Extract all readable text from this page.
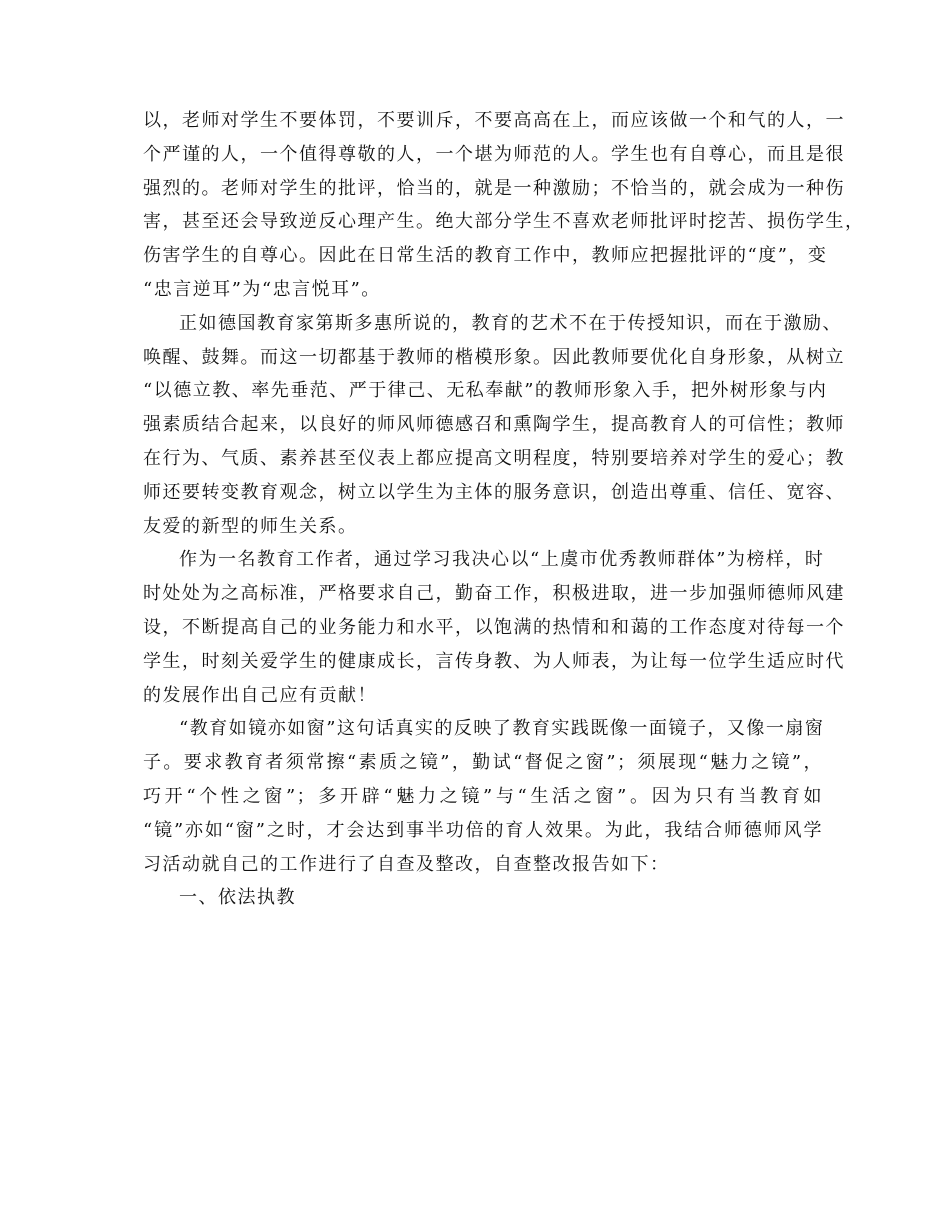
以，老师对学生不要体罚，不要训斥，不要高高在上，而应该做一个和气的人，一
个严谨的人，一个值得尊敬的人，一个堪为师范的人。学生也有自尊心，而且是很
强烈的。老师对学生的批评，恰当的，就是一种激励；不恰当的，就会成为一种伤
害，甚至还会导致逆反心理产生。绝大部分学生不喜欢老师批评时挖苦、损伤学生，
伤害学生的自尊心。因此在日常生活的教育工作中，教师应把握批评的“度”，变
“忠言逆耳”为“忠言悦耳”。
正如德国教育家第斯多惠所说的，教育的艺术不在于传授知识，而在于激励、
唤醒、鼓舞。而这一切都基于教师的楷模形象。因此教师要优化自身形象，从树立
“以德立教、率先垂范、严于律己、无私奉献”的教师形象入手，把外树形象与内
强素质结合起来，以良好的师风师德感召和熏陶学生，提高教育人的可信性；教师
在行为、气质、素养甚至仪表上都应提高文明程度，特别要培养对学生的爱心；教
师还要转变教育观念，树立以学生为主体的服务意识，创造出尊重、信任、宽容、
友爱的新型的师生关系。
作为一名教育工作者，通过学习我决心以“上虞市优秀教师群体”为榜样，时
时处处为之高标准，严格要求自己，勤奋工作，积极进取，进一步加强师德师风建
设，不断提高自己的业务能力和水平，以饱满的热情和和蔼的工作态度对待每一个
学生，时刻关爱学生的健康成长，言传身教、为人师表，为让每一位学生适应时代
的发展作出自己应有贡献！
“教育如镜亦如窗”这句话真实的反映了教育实践既像一面镜子，又像一扇窗
子。要求教育者须常擦“素质之镜”，勤试“督促之窗”；须展现“魅力之镜”，
巧开“个性之窗”；多开辟“魅力之镜”与“生活之窗”。因为只有当教育如
“镜”亦如“窗”之时，才会达到事半功倍的育人效果。为此，我结合师德师风学
习活动就自己的工作进行了自查及整改，自查整改报告如下：
一、依法执教
